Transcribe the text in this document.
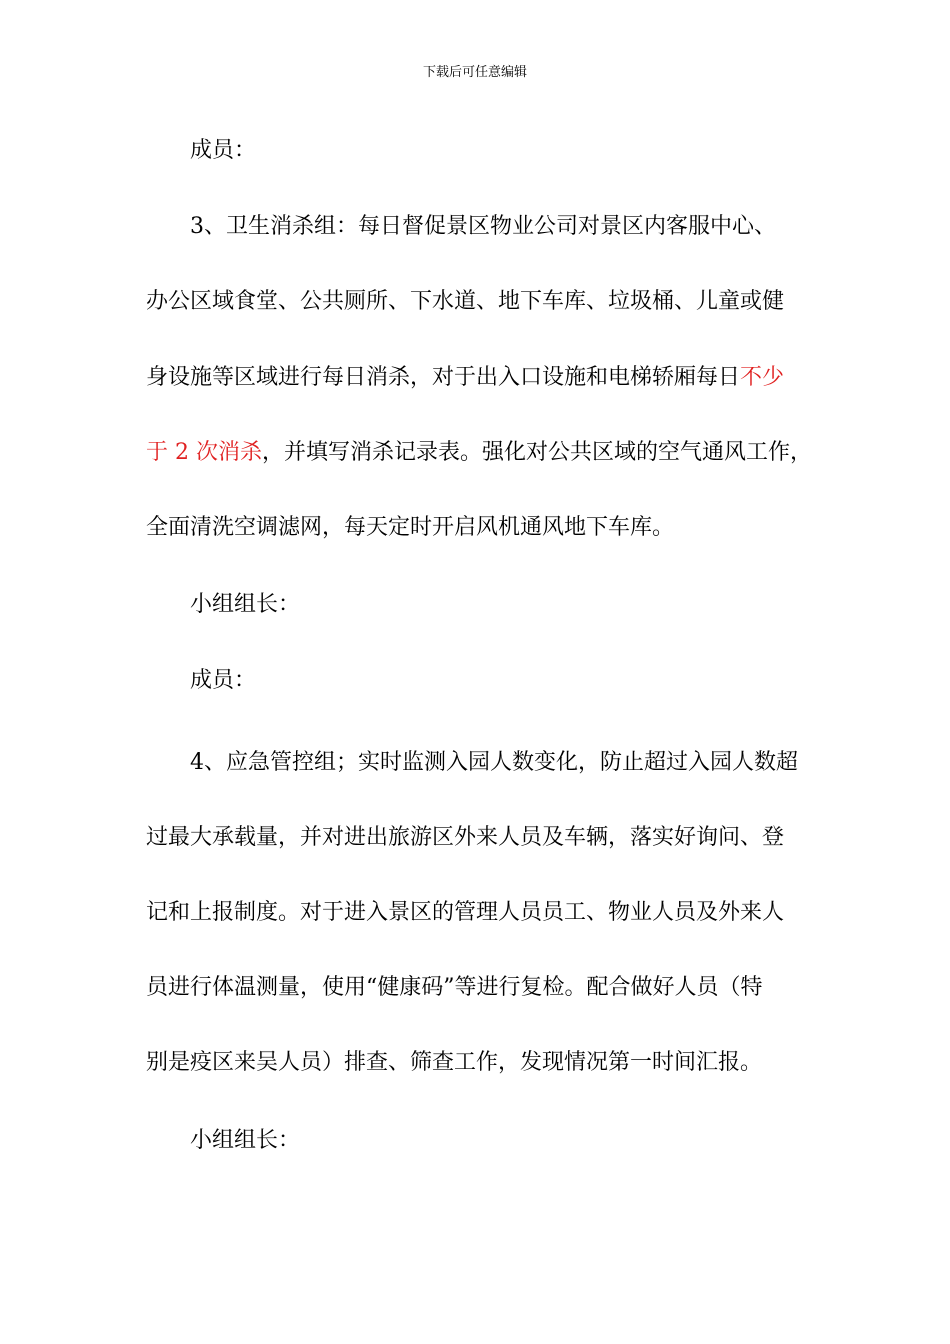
下载后可任意编辑
成员：
3、卫生消杀组：每日督促景区物业公司对景区内客服中心、
办公区域食堂、公共厕所、下水道、地下车库、垃圾桶、儿童或健
身设施等区域进行每日消杀，对于出入口设施和电梯轿厢每日不少
于 2 次消杀，并填写消杀记录表。强化对公共区域的空气通风工作，
全面清洗空调滤网，每天定时开启风机通风地下车库。
小组组长：
成员：
4、应急管控组；实时监测入园人数变化，防止超过入园人数超
过最大承载量，并对进出旅游区外来人员及车辆，落实好询问、登
记和上报制度。对于进入景区的管理人员员工、物业人员及外来人
员进行体温测量，使用“健康码”等进行复检。配合做好人员（特
别是疫区来吴人员）排查、筛查工作，发现情况第一时间汇报。
小组组长：
